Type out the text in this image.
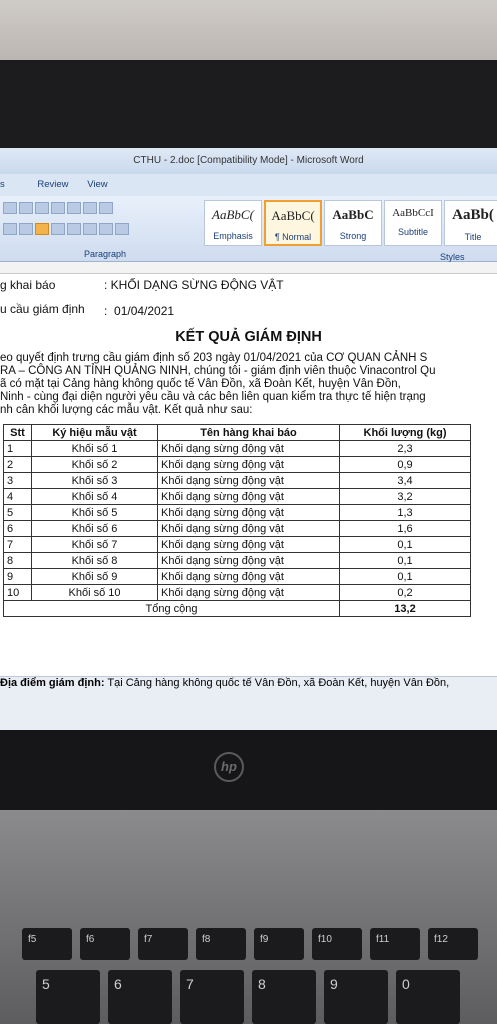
CTHU - 2.doc [Compatibility Mode] - Microsoft Word
s	Review View
Paragraph
AaBbC(
Emphasis
AaBbC(
¶ Normal
AaBbC
Strong
AaBbCcI
Subtitle
AaBb(
Title
Styles
g khai báo	: KHỐI DẠNG SỪNG ĐỘNG VẬT
u cầu giám định :  01/04/2021
KẾT QUẢ GIÁM ĐỊNH
eo quyết định trưng cầu giám định số 203 ngày 01/04/2021 của CƠ QUAN CẢNH S
RA – CÔNG AN TỈNH QUẢNG NINH, chúng tôi - giám định viên thuộc Vinacontrol Qu
ã có mặt tại Cảng hàng không quốc tế Vân Đồn, xã Đoàn Kết, huyện Vân Đồn,
Ninh - cùng đại diện người yêu cầu và các bên liên quan kiểm tra thực tế hiện trạng
nh cân khối lượng các mẫu vật. Kết quả như sau:
Stt	Ký hiệu mẫu vật	Tên hàng khai báo	Khối lượng (kg)
1	Khối số 1	Khối dạng sừng động vật	2,3
2	Khối số 2	Khối dạng sừng động vật	0,9
3	Khối số 3	Khối dạng sừng động vật	3,4
4	Khối số 4	Khối dạng sừng động vật	3,2
5	Khối số 5	Khối dạng sừng động vật	1,3
6	Khối số 6	Khối dạng sừng động vật	1,6
7	Khối số 7	Khối dạng sừng động vật	0,1
8	Khối số 8	Khối dạng sừng động vật	0,1
9	Khối số 9	Khối dạng sừng động vật	0,1
10	Khối số 10	Khối dạng sừng động vật	0,2
Tổng cộng			13,2
Địa điểm giám định: Tại Cảng hàng không quốc tế Vân Đồn, xã Đoàn Kết, huyện Vân Đồn,
hp
f5	f6	f7	f8	f9	f10	f11	f12
5	6	7	8	9	0
